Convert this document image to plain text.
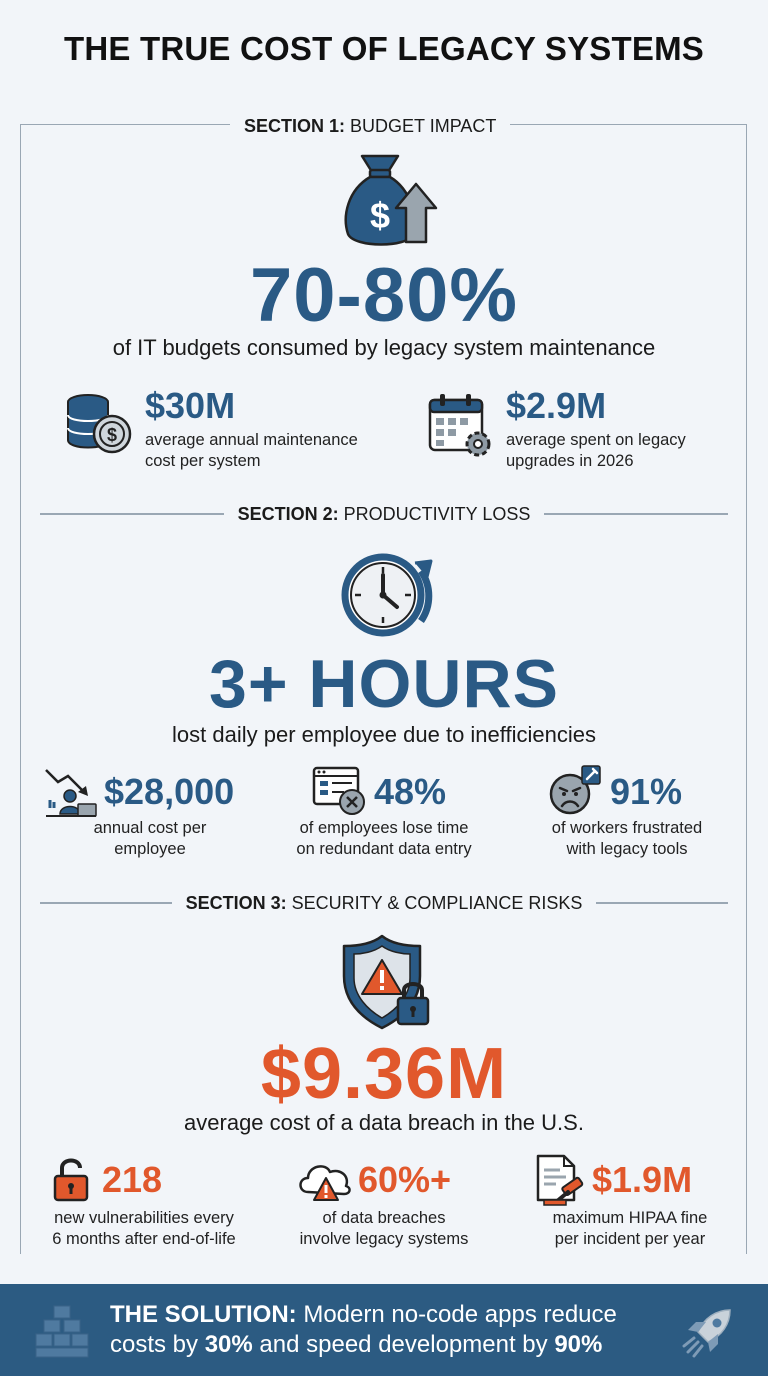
THE TRUE COST OF LEGACY SYSTEMS
SECTION 1: BUDGET IMPACT
$
70-80%
of IT budgets consumed by legacy system maintenance
$
$30M
average annual maintenance
cost per system
$2.9M
average spent on legacy
upgrades in 2026
SECTION 2: PRODUCTIVITY LOSS
3+ HOURS
lost daily per employee due to inefficiencies
$28,000
annual cost per
employee
48%
of employees lose time
on redundant data entry
91%
of workers frustrated
with legacy tools
SECTION 3: SECURITY & COMPLIANCE RISKS
$9.36M
average cost of a data breach in the U.S.
218
new vulnerabilities every
6 months after end-of-life
60%+
of data breaches
involve legacy systems
$1.9M
maximum HIPAA fine
per incident per year
THE SOLUTION: Modern no-code apps reduce
costs by 30% and speed development by 90%
